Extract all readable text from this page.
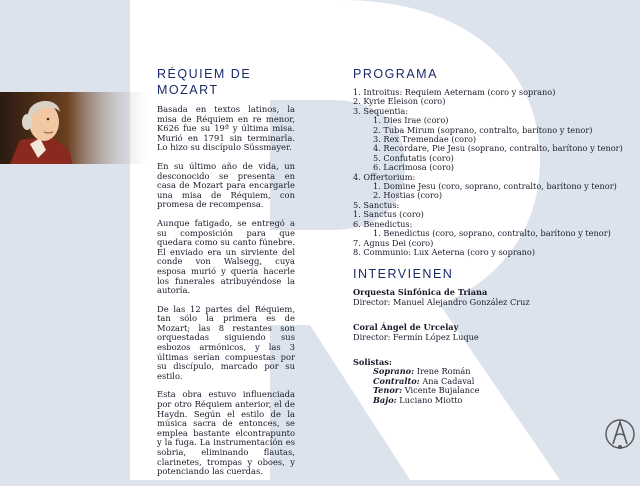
RÉQUIEM DE MOZART

Basada en textos latinos, la misa de Réquiem en re menor, K626 fue su 19ª y última misa. Murió en 1791 sin terminarla. Lo hizo su discípulo Süssmayer.

En su último año de vida, un desconocido se presenta en casa de Mozart para encargarle una misa de Réquiem, con promesa de recompensa.

Aunque fatigado, se entregó a su composición para que quedara como su canto fúnebre. El enviado era un sirviente del conde von Walsegg, cuya esposa murió y quería hacerle los funerales atribuyéndose la autoría.

De las 12 partes del Réquiem, tan sólo la primera es de Mozart; las 8 restantes son orquestadas siguiendo sus esbozos armónicos, y las 3 últimas serían compuestas por su discípulo, marcado por su estilo.

Esta obra estuvo influenciada por otro Réquiem anterior, el de Haydn. Según el estilo de la música sacra de entonces, se emplea bastante elcontrapunto y la fuga. La instrumentación es sobria, eliminando flautas, clarinetes, trompas y oboes, y potenciando las cuerdas.

PROGRAMA
1. Introitus: Requiem Aeternam (coro y soprano)
2. Kyrie Eleison (coro)
3. Sequentia:
1. Dies Irae (coro)
2. Tuba Mirum (soprano, contralto, barítono y tenor)
3. Rex Tremendae (coro)
4. Recordare, Pie Jesu (soprano, contralto, barítono y tenor)
5. Confutatis (coro)
6. Lacrimosa (coro)
4. Offertorium:
1. Domine Jesu (coro, soprano, contralto, barítono y tenor)
2. Hostias (coro)
5. Sanctus:
1. Sanctus (coro)
6. Benedictus:
1. Benedictus (coro, soprano, contralto, barítono y tenor)
7. Agnus Dei (coro)
8. Communio: Lux Aeterna (coro y soprano)
INTERVIENEN
Orquesta Sinfónica de Triana
Director: Manuel Alejandro González Cruz
Coral Ángel de Urcelay
Director: Fermín López Luque
Solistas:
Soprano: Irene Román
Contralto: Ana Cadaval
Tenor: Vicente Bujalance
Bajo: Luciano Miotto
